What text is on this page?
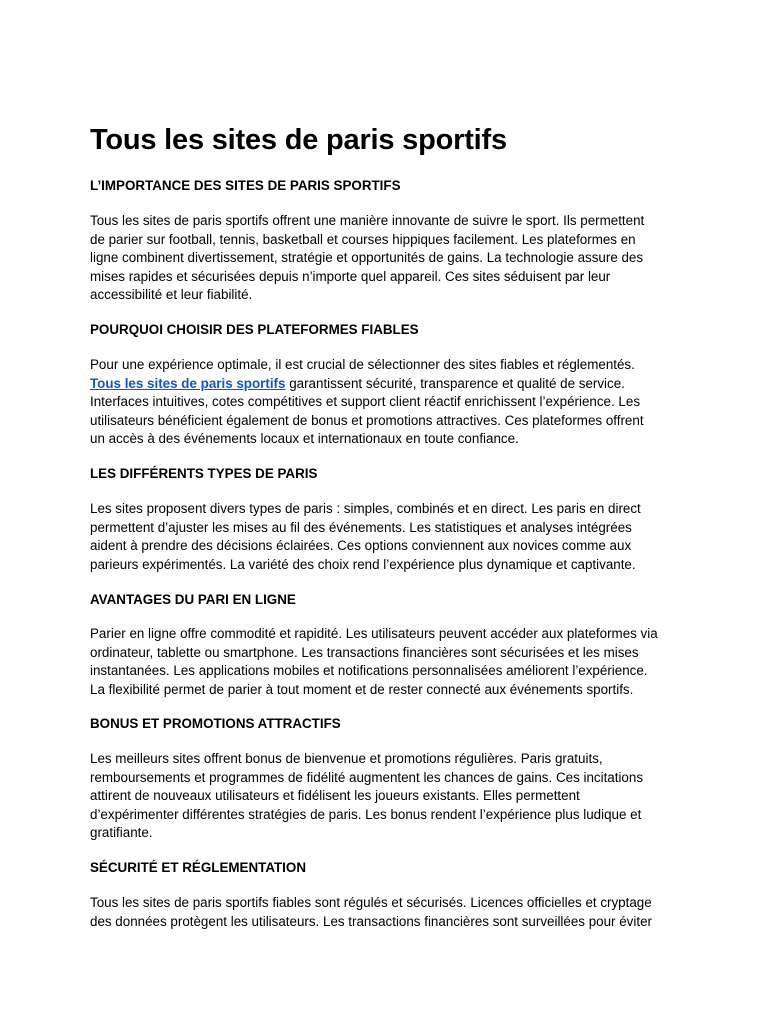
Tous les sites de paris sportifs
L’IMPORTANCE DES SITES DE PARIS SPORTIFS
Tous les sites de paris sportifs offrent une manière innovante de suivre le sport. Ils permettent
de parier sur football, tennis, basketball et courses hippiques facilement. Les plateformes en
ligne combinent divertissement, stratégie et opportunités de gains. La technologie assure des
mises rapides et sécurisées depuis n’importe quel appareil. Ces sites séduisent par leur
accessibilité et leur fiabilité.
POURQUOI CHOISIR DES PLATEFORMES FIABLES
Pour une expérience optimale, il est crucial de sélectionner des sites fiables et réglementés.
Tous les sites de paris sportifs garantissent sécurité, transparence et qualité de service.
Interfaces intuitives, cotes compétitives et support client réactif enrichissent l’expérience. Les
utilisateurs bénéficient également de bonus et promotions attractives. Ces plateformes offrent
un accès à des événements locaux et internationaux en toute confiance.
LES DIFFÉRENTS TYPES DE PARIS
Les sites proposent divers types de paris : simples, combinés et en direct. Les paris en direct
permettent d’ajuster les mises au fil des événements. Les statistiques et analyses intégrées
aident à prendre des décisions éclairées. Ces options conviennent aux novices comme aux
parieurs expérimentés. La variété des choix rend l’expérience plus dynamique et captivante.
AVANTAGES DU PARI EN LIGNE
Parier en ligne offre commodité et rapidité. Les utilisateurs peuvent accéder aux plateformes via
ordinateur, tablette ou smartphone. Les transactions financières sont sécurisées et les mises
instantanées. Les applications mobiles et notifications personnalisées améliorent l’expérience.
La flexibilité permet de parier à tout moment et de rester connecté aux événements sportifs.
BONUS ET PROMOTIONS ATTRACTIFS
Les meilleurs sites offrent bonus de bienvenue et promotions régulières. Paris gratuits,
remboursements et programmes de fidélité augmentent les chances de gains. Ces incitations
attirent de nouveaux utilisateurs et fidélisent les joueurs existants. Elles permettent
d’expérimenter différentes stratégies de paris. Les bonus rendent l’expérience plus ludique et
gratifiante.
SÉCURITÉ ET RÉGLEMENTATION
Tous les sites de paris sportifs fiables sont régulés et sécurisés. Licences officielles et cryptage
des données protègent les utilisateurs. Les transactions financières sont surveillées pour éviter
